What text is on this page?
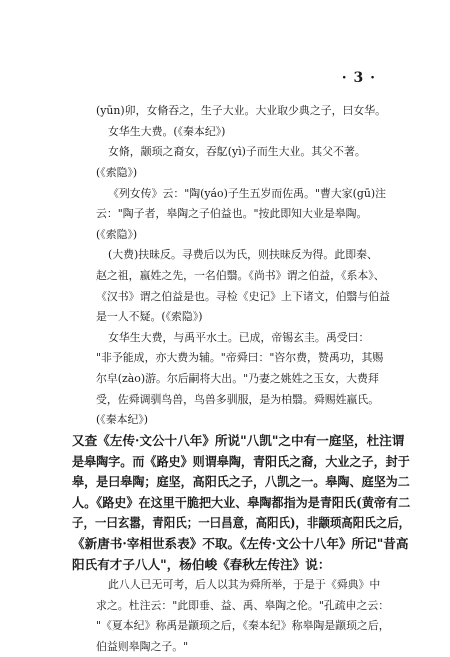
· 3 ·
(yūn)卯，女脩吞之，生子大业。大业取少典之子，曰女华。
女华生大费。(《秦本纪》)
女脩，颛顼之裔女，吞鳦(yì)子而生大业。其父不著。
(《索隐》)
《列女传》云："陶(yáo)子生五岁而佐禹。"曹大家(gū)注
云："陶子者，皋陶之子伯益也。"按此即知大业是皋陶。
(《索隐》)
(大费)扶昧反。寻费后以为氏，则扶昧反为得。此即秦、
赵之祖，嬴姓之先，一名伯翳。《尚书》谓之伯益，《系本》、
《汉书》谓之伯益是也。寻检《史记》上下诸文，伯翳与伯益
是一人不疑。(《索隐》)
女华生大费，与禹平水土。已成，帝锡玄圭。禹受曰：
"非予能成，亦大费为辅。"帝舜曰："咨尔费，赞禹功，其赐
尔皁(zào)游。尔后嗣将大出。"乃妻之姚姓之玉女，大费拜
受，佐舜调驯鸟兽，鸟兽多驯服，是为柏翳。舜赐姓嬴氏。
(《秦本纪》)
又查《左传·文公十八年》所说"八凯"之中有一庭坚，杜注谓
是皋陶字。而《路史》则谓皋陶，青阳氏之裔，大业之子，封于
皋，是曰皋陶；庭坚，高阳氏之子，八凯之一。皋陶、庭坚为二
人。《路史》在这里干脆把大业、皋陶都指为是青阳氏(黄帝有二
子，一曰玄嚣，青阳氏；一曰昌意，高阳氏)，非颛顼高阳氏之后，
《新唐书·宰相世系表》不取。《左传·文公十八年》所记"昔高
阳氏有才子八人"，杨伯峻《春秋左传注》说：
此八人已无可考，后人以其为舜所举，于是于《舜典》中
求之。杜注云："此即垂、益、禹、皋陶之伦。"孔疏申之云：
"《夏本纪》称禹是颛顼之后，《秦本纪》称皋陶是颛顼之后，
伯益则皋陶之子。"
